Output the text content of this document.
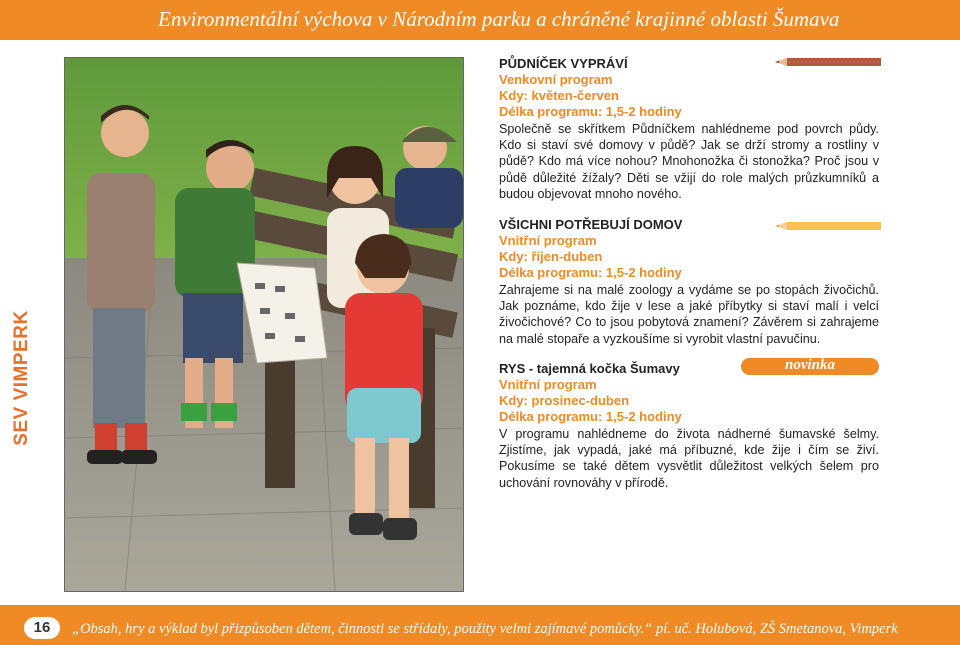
Environmentální výchova v Národním parku a chráněné krajinné oblasti Šumava
SEV VIMPERK
PŮDNÍČEK VYPRÁVÍ
Venkovní program
Kdy: květen-červen
Délka programu: 1,5-2 hodiny
Společně se skřítkem Půdníčkem nahlédneme pod povrch půdy. Kdo si staví své domovy v půdě? Jak se drží stromy a rostliny v půdě? Kdo má více nohou? Mnohonožka či stonožka? Proč jsou v půdě důležité žížaly? Děti se vžijí do role malých průzkumníků a budou objevovat mnoho nového.
VŠICHNI POTŘEBUJÍ DOMOV
Vnitřní program
Kdy: říjen-duben
Délka programu: 1,5-2 hodiny
Zahrajeme si na malé zoology a vydáme se po stopách živočichů. Jak poznáme, kdo žije v lese a jaké příbytky si staví malí i velcí živočichové? Co to jsou pobytová znamení? Závěrem si zahrajeme na malé stopaře a vyzkoušíme si vyrobit vlastní pavučinu.
RYS - tajemná kočka Šumavy
Vnitřní program
Kdy: prosinec-duben
Délka programu: 1,5-2 hodiny
V programu nahlédneme do života nádherné šumavské šelmy. Zjistíme, jak vypadá, jaké má příbuzné, kde žije i čím se živí. Pokusíme se také dětem vysvětlit důležitost velkých šelem pro uchování rovnováhy v přírodě.
novinka
16	„Obsah, hry a výklad byl přizpůsoben dětem, činnosti se střídaly, použity velmi zajímavé pomůcky.“ pí. uč. Holubová, ZŠ Smetanova, Vimperk
